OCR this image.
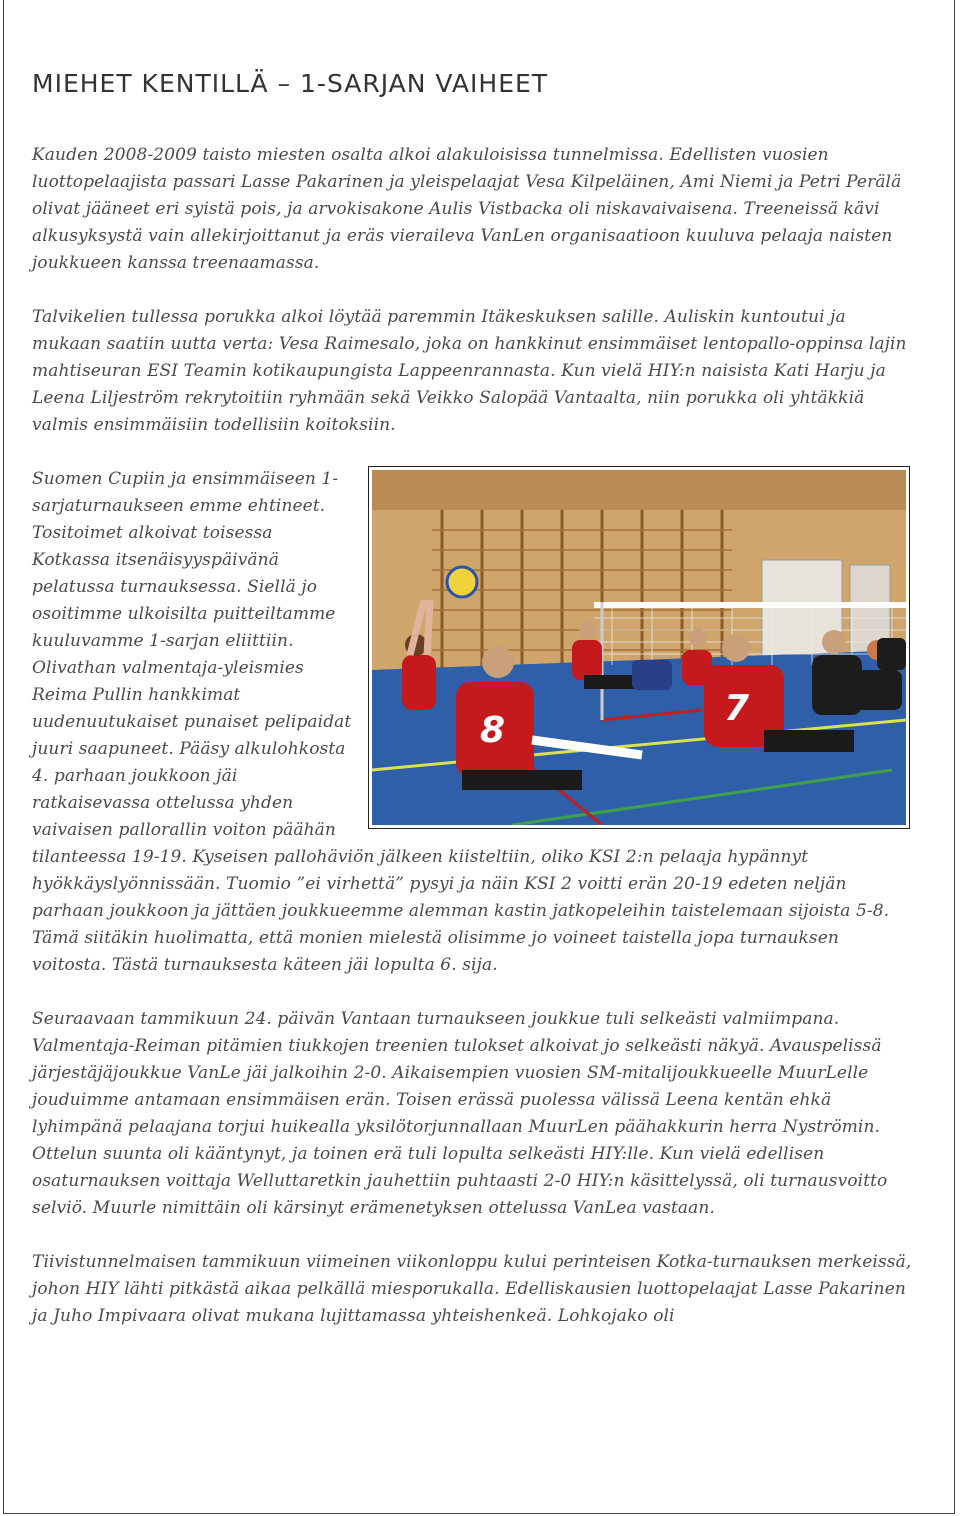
MIEHET KENTILLÄ – 1-SARJAN VAIHEET

Kauden 2008-2009 taisto miesten osalta alkoi alakuloisissa tunnelmissa. Edellisten vuosien luottopelaajista passari Lasse Pakarinen ja yleispelaajat Vesa Kilpeläinen, Ami Niemi ja Petri Perälä olivat jääneet eri syistä pois, ja arvokisakone Aulis Vistbacka oli niskavaivaisena. Treeneissä kävi alkusyksystä vain allekirjoittanut ja eräs vieraileva VanLen organisaatioon kuuluva pelaaja naisten joukkueen kanssa treenaamassa.

Talvikelien tullessa porukka alkoi löytää paremmin Itäkeskuksen salille. Auliskin kuntoutui ja mukaan saatiin uutta verta: Vesa Raimesalo, joka on hankkinut ensimmäiset lentopallo-oppinsa lajin mahtiseuran ESI Teamin kotikaupungista Lappeenrannasta. Kun vielä HIY:n naisista Kati Harju ja Leena Liljeström rekrytoitiin ryhmään sekä Veikko Salopää Vantaalta, niin porukka oli yhtäkkiä valmis ensimmäisiin todellisiin koitoksiin.

8
7

Suomen Cupiin ja ensimmäiseen 1-sarjaturnaukseen emme ehtineet. Tositoimet alkoivat toisessa Kotkassa itsenäisyyspäivänä pelatussa turnauksessa. Siellä jo osoitimme ulkoisilta puitteiltamme kuuluvamme 1-sarjan eliittiin. Olivathan valmentaja-yleismies Reima Pullin hankkimat uudenuutukaiset punaiset pelipaidat juuri saapuneet. Pääsy alkulohkosta 4. parhaan joukkoon jäi ratkaisevassa ottelussa yhden vaivaisen pallorallin voiton päähän tilanteessa 19-19. Kyseisen pallohäviön jälkeen kiisteltiin, oliko KSI 2:n pelaaja hypännyt hyökkäyslyönnissään. Tuomio ”ei virhettä” pysyi ja näin KSI 2 voitti erän 20-19 edeten neljän parhaan joukkoon ja jättäen joukkueemme alemman kastin jatkopeleihin taistelemaan sijoista 5-8. Tämä siitäkin huolimatta, että monien mielestä olisimme jo voineet taistella jopa turnauksen voitosta. Tästä turnauksesta käteen jäi lopulta 6. sija.

Seuraavaan tammikuun 24. päivän Vantaan turnaukseen joukkue tuli selkeästi valmiimpana. Valmentaja-Reiman pitämien tiukkojen treenien tulokset alkoivat jo selkeästi näkyä. Avauspelissä järjestäjäjoukkue VanLe jäi jalkoihin 2-0. Aikaisempien vuosien SM-mitalijoukkueelle MuurLelle jouduimme antamaan ensimmäisen erän. Toisen erässä puolessa välissä Leena kentän ehkä lyhimpänä pelaajana torjui huikealla yksilötorjunnallaan MuurLen päähakkurin herra Nyströmin. Ottelun suunta oli kääntynyt, ja toinen erä tuli lopulta selkeästi HIY:lle. Kun vielä edellisen osaturnauksen voittaja Welluttaretkin jauhettiin puhtaasti 2-0 HIY:n käsittelyssä, oli turnausvoitto selviö. Muurle nimittäin oli kärsinyt erämenetyksen ottelussa VanLea vastaan.

Tiivistunnelmaisen tammikuun viimeinen viikonloppu kului perinteisen Kotka-turnauksen merkeissä, johon HIY lähti pitkästä aikaa pelkällä miesporukalla. Edelliskausien luottopelaajat Lasse Pakarinen ja Juho Impivaara olivat mukana lujittamassa yhteishenkeä. Lohkojako oli
